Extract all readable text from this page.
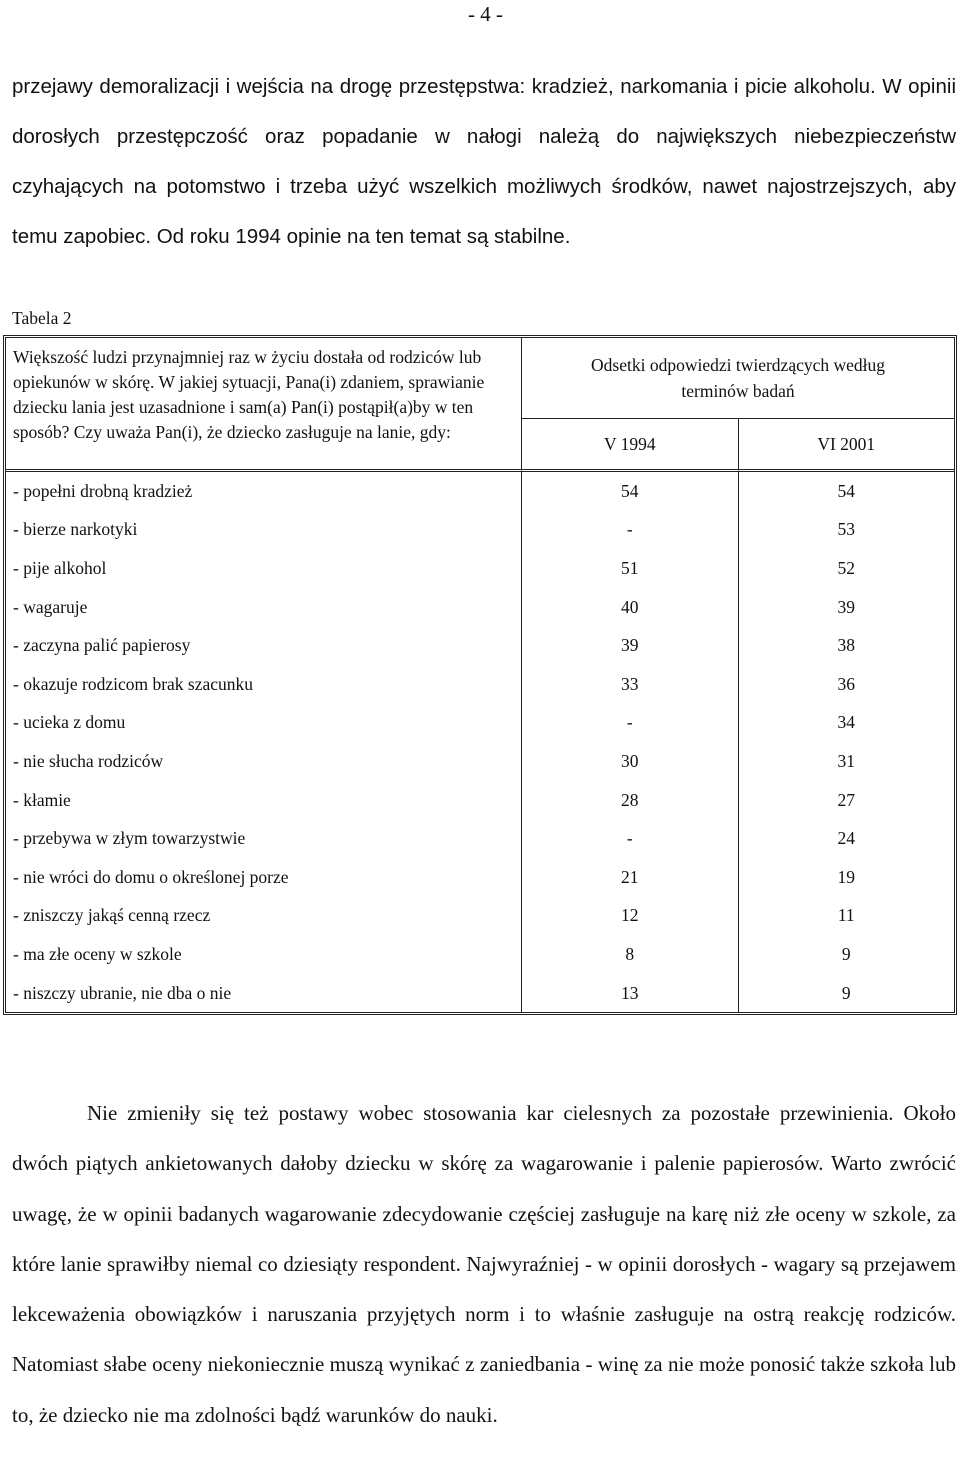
- 4 -

przejawy demoralizacji i wejścia na drogę przestępstwa: kradzież, narkomania i picie alkoholu. W opinii dorosłych przestępczość oraz popadanie w nałogi należą do największych niebezpieczeństw czyhających na potomstwo i trzeba użyć wszelkich możliwych środków, nawet najostrzejszych, aby temu zapobiec. Od roku 1994 opinie na ten temat są stabilne.

Tabela 2
Większość ludzi przynajmniej raz w życiu dostała od rodziców lub opiekunów w skórę. W jakiej sytuacji, Pana(i) zdaniem, sprawianie dziecku lania jest uzasadnione i sam(a) Pan(i) postąpił(a)by w ten sposób? Czy uważa Pan(i), że dziecko zasługuje na lanie, gdy:	Odsetki odpowiedzi twierdzących według terminów badań	

	V 1994	VI 2001
- popełni drobną kradzież	54	54
- bierze narkotyki	-	53
- pije alkohol	51	52
- wagaruje	40	39
- zaczyna palić papierosy	39	38
- okazuje rodzicom brak szacunku	33	36
- ucieka z domu	-	34
- nie słucha rodziców	30	31
- kłamie	28	27
- przebywa w złym towarzystwie	-	24
- nie wróci do domu o określonej porze	21	19
- zniszczy jakąś cenną rzecz	12	11
- ma złe oceny w szkole	8	9
- niszczy ubranie, nie dba o nie	13	9

Nie zmieniły się też postawy wobec stosowania kar cielesnych za pozostałe przewinienia. Około dwóch piątych ankietowanych dałoby dziecku w skórę za wagarowanie i palenie papierosów. Warto zwrócić uwagę, że w opinii badanych wagarowanie zdecydowanie częściej zasługuje na karę niż złe oceny w szkole, za które lanie sprawiłby niemal co dziesiąty respondent. Najwyraźniej - w opinii dorosłych - wagary są przejawem lekceważenia obowiązków i naruszania przyjętych norm i to właśnie zasługuje na ostrą reakcję rodziców. Natomiast słabe oceny niekoniecznie muszą wynikać z zaniedbania - winę za nie może ponosić także szkoła lub to, że dziecko nie ma zdolności bądź warunków do nauki.
